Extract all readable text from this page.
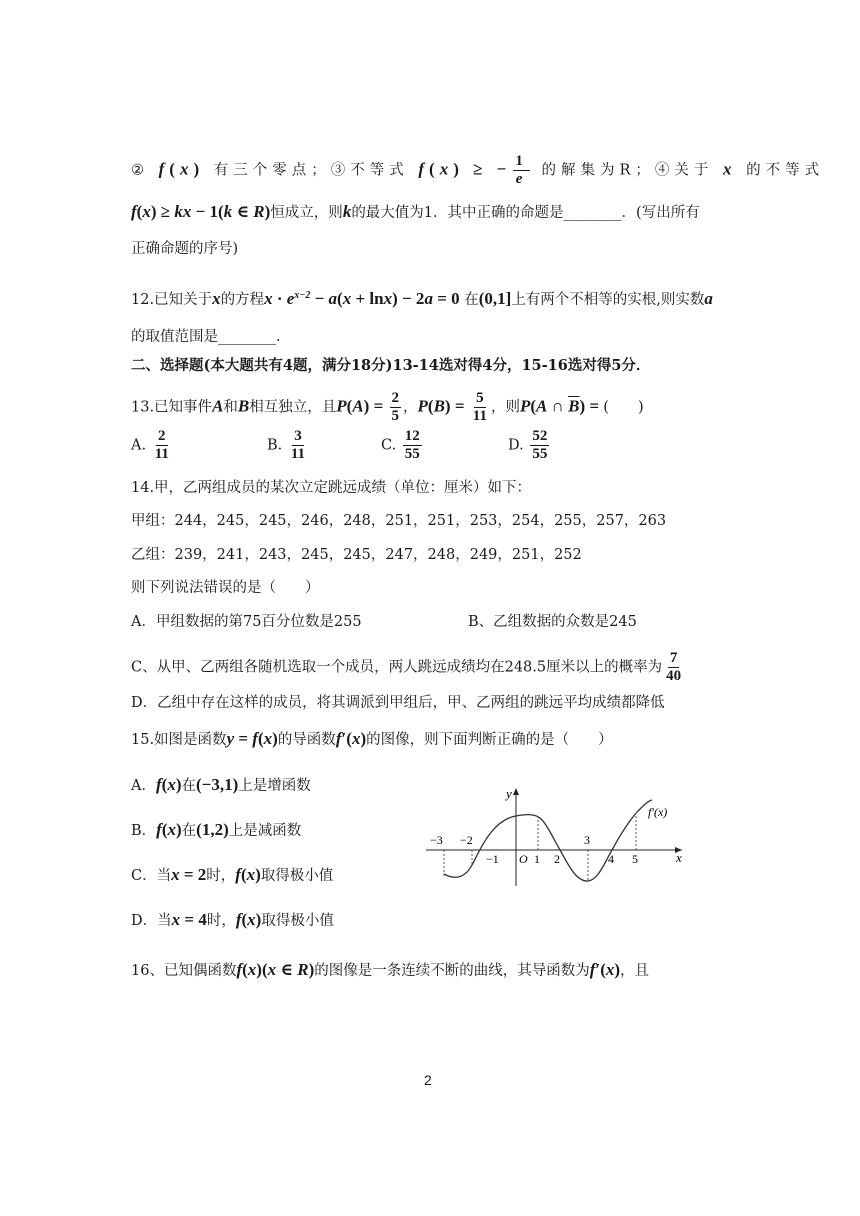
② f(x) 有三个零点；③不等式 f(x) ≥ − $\frac{1}{e}$ 的解集为R；④关于 x 的不等式
f(x) ≥ kx − 1(k ∈ R)恒成立，则k的最大值为1．其中正确的命题是________．(写出所有
正确命题的序号)
12.已知关于x的方程$x \cdot e^{x-2} - a(x + \ln x) - 2a = 0$ 在(0,1]上有两个不相等的实根,则实数a
的取值范围是________.
二、选择题(本大题共有4题，满分18分)13-14选对得4分，15-16选对得5分．
13.已知事件A和B相互独立，且$P(A) = \frac{2}{5}$ ，$P(B) = \frac{5}{11}$ ，则P(A ∩ $\overline{B}$) = (　　)
A. $\frac{2}{11}$	B. $\frac{3}{11}$	C. $\frac{12}{55}$	D. $\frac{52}{55}$
14.甲，乙两组成员的某次立定跳远成绩（单位：厘米）如下：
甲组：244，245，245，246，248，251，251，253，254，255，257，263
乙组：239，241，243，245，245，247，248，249，251，252
则下列说法错误的是（　　）
A．甲组数据的第75百分位数是255	B、乙组数据的众数是245
C、从甲、乙两组各随机选取一个成员，两人跳远成绩均在248.5厘米以上的概率为 $\frac{7}{40}$
D．乙组中存在这样的成员，将其调派到甲组后，甲、乙两组的跳远平均成绩都降低
15.如图是函数y = f(x)的导函数f′(x)的图像，则下面判断正确的是（　　）
A．f(x)在(−3,1)上是增函数
B．f(x)在(1,2)上是减函数
C．当x = 2时，f(x)取得极小值
D．当x = 4时，f(x)取得极小值
y
x
−3 −2
−1 O 1 2
3
4 5
f′(x)
16、已知偶函数f(x)(x ∈ R)的图像是一条连续不断的曲线，其导函数为f′(x)，且
2
